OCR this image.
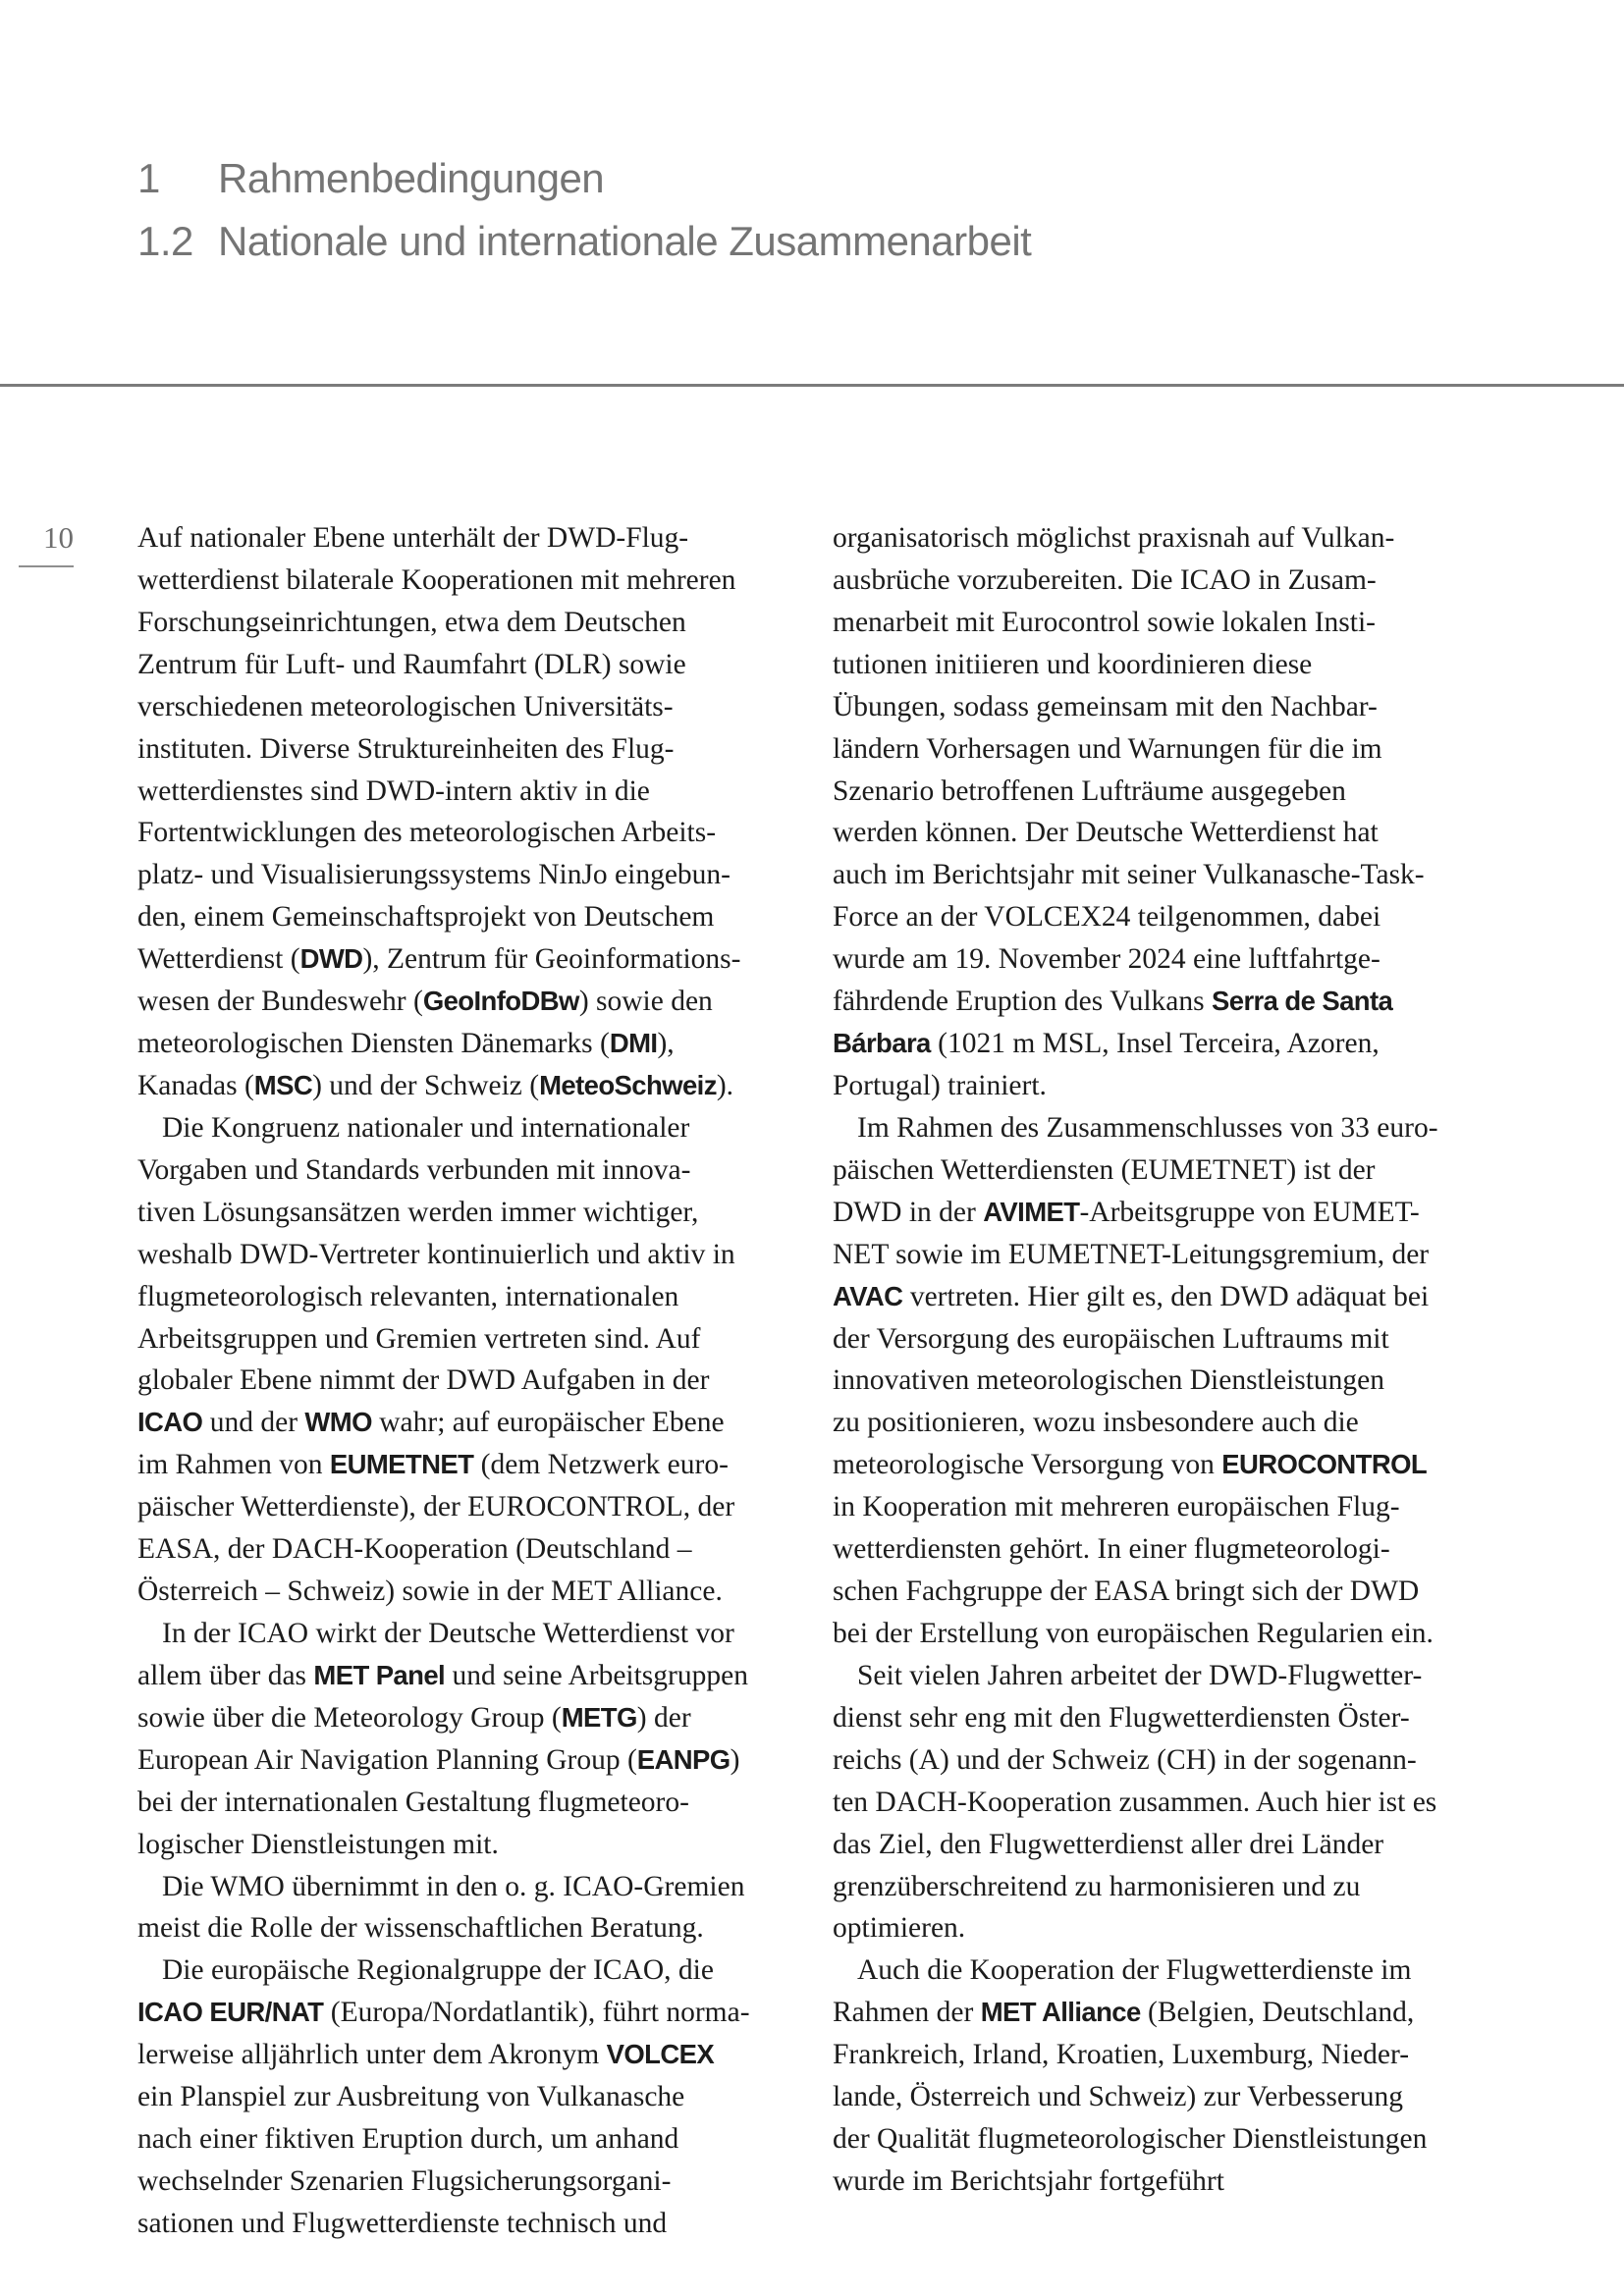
1	Rahmenbedingungen
1.2 Nationale und internationale Zusammenarbeit
10 Auf nationaler Ebene unterhält der DWD-Flug-
wetterdienst bilaterale Kooperationen mit mehreren
Forschungseinrichtungen, etwa dem Deutschen
Zentrum für Luft- und Raumfahrt (DLR) sowie
verschiedenen meteorologischen Universitäts-
instituten. Diverse Struktureinheiten des Flug-
wetterdienstes sind DWD-intern aktiv in die
Fortentwicklungen des meteorologischen Arbeits-
platz- und Visualisierungssystems NinJo eingebun-
den, einem Gemeinschaftsprojekt von Deutschem
Wetterdienst (DWD), Zentrum für Geoinformations-
wesen der Bundeswehr (GeoInfoDBw) sowie den
meteorologischen Diensten Dänemarks (DMI),
Kanadas (MSC) und der Schweiz (MeteoSchweiz).
Die Kongruenz nationaler und internationaler
Vorgaben und Standards verbunden mit innova-
tiven Lösungsansätzen werden immer wichtiger,
weshalb DWD-Vertreter kontinuierlich und aktiv in
flugmeteorologisch relevanten, internationalen
Arbeitsgruppen und Gremien vertreten sind. Auf
globaler Ebene nimmt der DWD Aufgaben in der
ICAO und der WMO wahr; auf europäischer Ebene
im Rahmen von EUMETNET (dem Netzwerk euro-
päischer Wetterdienste), der EUROCONTROL, der
EASA, der DACH-Kooperation (Deutschland –
Österreich – Schweiz) sowie in der MET Alliance.
In der ICAO wirkt der Deutsche Wetterdienst vor
allem über das MET Panel und seine Arbeitsgruppen
sowie über die Meteorology Group (METG) der
European Air Navigation Planning Group (EANPG)
bei der internationalen Gestaltung flugmeteoro-
logischer Dienstleistungen mit.
Die WMO übernimmt in den o. g. ICAO-Gremien
meist die Rolle der wissenschaftlichen Beratung.
Die europäische Regionalgruppe der ICAO, die
ICAO EUR/NAT (Europa/Nordatlantik), führt norma-
lerweise alljährlich unter dem Akronym VOLCEX
ein Planspiel zur Ausbreitung von Vulkanasche
nach einer fiktiven Eruption durch, um anhand
wechselnder Szenarien Flugsicherungsorgani-
sationen und Flugwetterdienste technisch und
organisatorisch möglichst praxisnah auf Vulkan-
ausbrüche vorzubereiten. Die ICAO in Zusam-
menarbeit mit Eurocontrol sowie lokalen Insti-
tutionen initiieren und koordinieren diese
Übungen, sodass gemeinsam mit den Nachbar-
ländern Vorhersagen und Warnungen für die im
Szenario betroffenen Lufträume ausgegeben
werden können. Der Deutsche Wetterdienst hat
auch im Berichtsjahr mit seiner Vulkanasche-Task-
Force an der VOLCEX24 teilgenommen, dabei
wurde am 19. November 2024 eine luftfahrtge-
fährdende Eruption des Vulkans Serra de Santa
Bárbara (1021 m MSL, Insel Terceira, Azoren,
Portugal) trainiert.
Im Rahmen des Zusammenschlusses von 33 euro-
päischen Wetterdiensten (EUMETNET) ist der
DWD in der AVIMET-Arbeitsgruppe von EUMET-
NET sowie im EUMETNET-Leitungsgremium, der
AVAC vertreten. Hier gilt es, den DWD adäquat bei
der Versorgung des europäischen Luftraums mit
innovativen meteorologischen Dienstleistungen
zu positionieren, wozu insbesondere auch die
meteorologische Versorgung von EUROCONTROL
in Kooperation mit mehreren europäischen Flug-
wetterdiensten gehört. In einer flugmeteorologi-
schen Fachgruppe der EASA bringt sich der DWD
bei der Erstellung von europäischen Regularien ein.
Seit vielen Jahren arbeitet der DWD-Flugwetter-
dienst sehr eng mit den Flugwetterdiensten Öster-
reichs (A) und der Schweiz (CH) in der sogenann-
ten DACH-Kooperation zusammen. Auch hier ist es
das Ziel, den Flugwetterdienst aller drei Länder
grenzüberschreitend zu harmonisieren und zu
optimieren.
Auch die Kooperation der Flugwetterdienste im
Rahmen der MET Alliance (Belgien, Deutschland,
Frankreich, Irland, Kroatien, Luxemburg, Nieder-
lande, Österreich und Schweiz) zur Verbesserung
der Qualität flugmeteorologischer Dienstleistungen
wurde im Berichtsjahr fortgeführt
